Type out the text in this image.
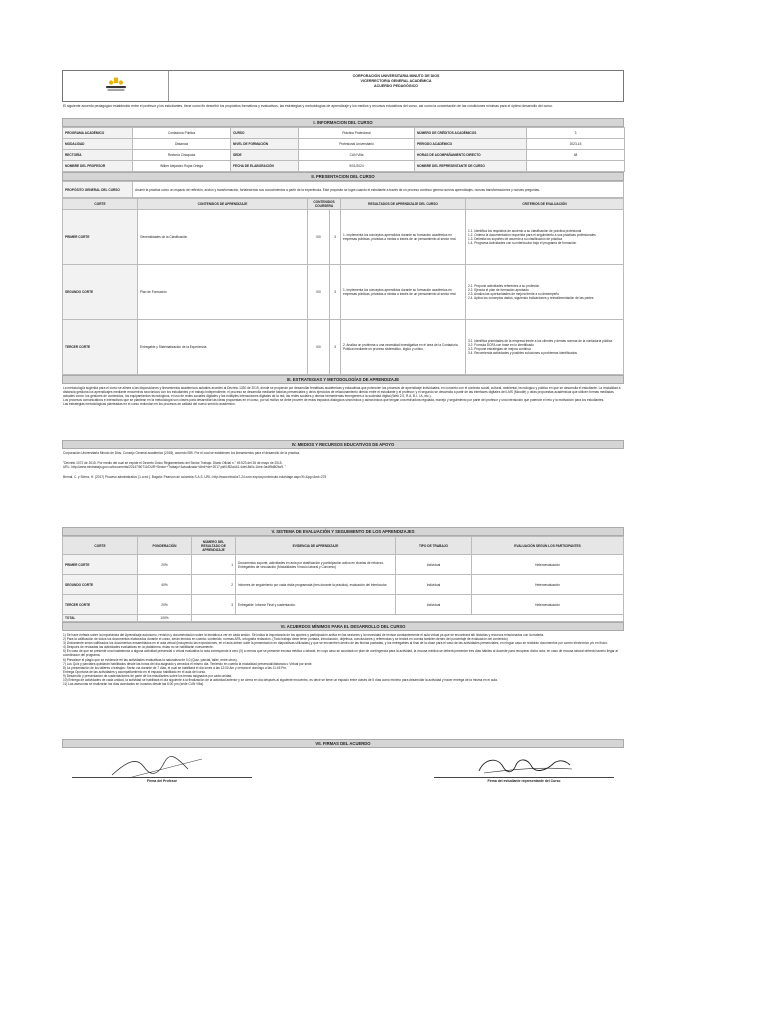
CORPORACIÓN UNIVERSITARIA MINUTO DE DIOS
VICERRECTORIA GENERAL ACADÉMICA
ACUERDO PEDAGÓGICO
El siguiente acuerdo pedagógico establecido entre el profesor y los estudiantes, tiene como fin describir los propósitos formativos y evaluativos, las estrategias y metodologías de aprendizaje y los medios y recursos educativos del curso, así como la concertación de las condiciones mínimas para el óptimo desarrollo del curso.
I. INFORMACION DEL CURSO
PROGRAMA ACADÉMICO	Contaduría Pública	CURSO	Práctica Profesional	NÚMERO DE CRÉDITOS ACADÉMICOS	3
MODALIDAD	Distancia	NIVEL DE FORMACIÓN	Profesional Universitario	PERIODO ACADÉMICO	2023-15
RECTORÍA	Rectoría Cinoquoia	SEDE	CUN Villa	HORAS DE ACOMPAÑAMIENTO DIRECTO	48
NOMBRE DEL PROFESOR	Wilber Alejandro Rojas Ortega	FECHA DE ELABORACIÓN	9/01/2024	NOMBRE DEL REPRESENTANTE DE CURSO	
II. PRESENTACION DEL CURSO
PROPÓSITO GENERAL DEL CURSO	Asumir la práctica como un espacio de reflexión, acción y transformación, fortaleciendo sus conocimientos a partir de la experiencia. Este propósito se logra cuando el estudiante a través de un proceso continuo genera nuevos aprendizajes, nuevas transformaciones y nuevas preguntas.
CORTE	CONTENIDOS DE APRENDIZAJE	CONTENIDOS COURSERA		RESULTADOS DE APRENDIZAJE DEL CURSO	CRITERIOS DE EVALUACIÓN
PRIMER CORTE	Generalidades de la Clasificación	0/0	3	1. Implementa los conceptos aprendidos durante su formación académica en empresas públicas, privadas a mixtas a través de un pensamiento al sector real.	1.1. Identifica los requisitos de acuerdo a su clasificación de práctica profesional
1.2. Ordena la documentación requerida para el seguimiento a sus prácticas profesionales
1.3. Delimita los soportes de acuerdo a su clasificación de práctica
1.4. Programa Actividades con su interlocutor bajo el programa de formación
SEGUNDO CORTE	Plan de Formación	0/0	3	1. Implementa los conceptos aprendidos durante su formación académica en empresas públicas, privadas a mixtas a través de un pensamiento al sector real.	2.1. Propone actividades referentes a su profesión
2.2. Ejecuta el plan de formación aprobado
2.3. Analiza las oportunidades de mejora frente a su desempeño
2.4. Aplica los conceptos dados, siguiendo indicaciones y retroalimentación de las partes
TERCER CORTE	Entregable y Sistematización de la Experiencia	0/0	3	2. Analiza un problema o una necesidad investigativa en el área de la Contaduría Pública mediante un proceso sistemático, lógico y crítico.	3.1. Identifica prioridades de la empresa frente a los clientes y demás normas de la contaduría pública
3.2. Formula DOFA con base en lo identificado
3.3. Propone estrategias de mejora continua
3.4. Recomienda actividades y posibles soluciones a problemas identificados
III. ESTRATEGIAS Y METODOLOGÍAS DE APRENDIZAJE
La metodología sugerida para el curso se alinea a las disposiciones y lineamientos académicos actuales acordes al Decreto 1330 de 2019, donde se propende por desarrollar temáticas académicas y educativas que potencien los procesos de aprendizaje individuales, en concreto con el contexto social, cultural, ambiental, tecnológico y político en que se desarrolla el estudiante. La modalidad a distancia gestiona los aprendizajes mediante encuentros sincrónicos con los estudiantes y el trabajo independiente, el proceso se desarrolla mediante tutorías presenciales y otros ejercicios de relacionamiento directo entre el estudiante y el profesor; y el segundo se desarrolla a partir de las interfaces digitales del LMS (Moodle) y otras propuestas académicas que utilicen formas mediadas actuales como: los gestores de contenidos, los equipamientos tecnológicos, el uso de redes sociales digitales y las múltiples interacciones digitales de la red; las redes sociales y demás herramientas emergentes a la sociedad digital (Web 2.0, R.A, B.I, I.A, etc.).
Los procesos comunicativos e interactivos que se plantean en la metodología son claves para desarrollar las ideas propuestas en el curso, por tal motivo se debe proveer de estos espacios dialógicos sincrónicos y asincrónicos que tengan una estructura regulada, manejo y seguimiento por parte del profesor y una interacción que potencie el reto y la motivación para los estudiantes.
Las estrategias metodológicas planteadas en el curso redundan en los procesos de calidad del nuevo servicio académico.
IV. MEDIOS Y RECURSOS EDUCATIVOS DE APOYO
Corporación Universitaria Minuto de Dios, Consejo General académico (2018), acuerdo 089. Por el cual se establecen los lineamientos para el desarrollo de la práctica.
"Decreto 1072 de 2015. Por medio del cual se expide el Decreto Único Reglamentario del Sector Trabajo. Diario Oficial n.° 49.523 del 26 de mayo de 2015.
URL: http://www.mintrabajo.gov.co/documents/20147/50711/DUR+Sector+Trabajo+Actualizado+Abril+de+2017.pdf/1f52a441-4def-8d0c-1bee-0a4f9d8f2bc9. "
Bernal, C. y Sierra, H. (2017) Proceso administrativo (1.a ed.). Bogotá: Pearson de colombia S.A.S. URL: http://www.ebooks7-24.com.ezproxy.uniminuto.edu/stage.aspx?il=&pg=&ed=275
V. SISTEMA DE EVALUACIÓN Y SEGUIMIENTO DE LOS APRENDIZAJES
CORTE	PONDERACIÓN	NÚMERO DEL RESULTADO DE APRENDIZAJE	EVIDENCIA DE APRENDIZAJE	TIPO DE TRABAJO	EVALUACIÓN SEGÚN LOS PARTICIPANTES
PRIMER CORTE	20%	1	Documentos soporte, actividades en aula por clasificación y participación activa en charlas de refuerzo. Entregables de vinculación (Modalidades Vínculo laboral y Convenio)	Individual	Heteroevaluación
SEGUNDO CORTE	40%	2	Informes de seguimiento por cada visita programada (tres durante la práctica). evaluación del interlocutor.	Individual	Heteroevaluación
TERCER CORTE	20%	3	Entregable: Informe Final y sustentación.	Individual	Heteroevaluación
TOTAL	100%				
VI. ACUERDOS MÍNIMOS PARA EL DESARROLLO DEL CURSO
1) Se hace énfasis sobre la importancia del Aprendizaje autónomo, revisión y documentación sobre la temática a ver en cada sesión. Se indica la importancia de los aportes y participación activa en las sesiones y la necesidad de revisar constantemente el aula virtual ya que se encontrará allí historias y recursos relacionados con la materia.
2) Para la calificación de todos los documentos elaborados durante el curso, serán tenidos en cuenta: contenido, normas APA, ortografía redacción. (Todo trabajo debe tener portada, introducción, objetivos, conclusiones y referencias y se tendrá en cuenta también dentro del porcentaje de evaluación del contenido)
3) Únicamente serán calificados los documentos ensamblados en el aula virtual (incluyendo las exposiciones, en el aula deben subir la presentación en diapositivas utilizadas) y que se encuentren dentro de las fechas pactadas, y los entregables al final de la clase para el caso de las actividades presenciales, en ningún caso se recibirán documentos por correo electrónico y/o en físico.
4) Después de revisadas las actividades evaluativas en la plataforma, éstas no se habilitarán nuevamente.
5) En caso de que se presente una inasistencia a alguna actividad presencial o virtual evaluativa la nota corresponde a cero (0) a menos que se presente excusa médica o laboral, en cuyo caso se acordará un plan de contingencia para la actividad, la excusa médica se deberá presentar tres días hábiles al docente para recuperar dicha nota, en caso de excusa laboral deberá hacerlo llegar al coordinador del programa.
6) Prevalece el plagio que se evidencie en las actividades evaluativas la naturaleza de 0,0 (Quiz, parcial, taller, entre otros).
7) Los Quiz y parciales quedarán habilitados desde las horas del día asignado y cerrados el mismo día. Teniendo en cuenta la modalidad presencial/distancia o Virtual por sede.
8) La presentación de los talleres o trabajos: Serán vía durante de 7 días, el cual se habilitará el día lunes a las 12:00 Am y cerrará el domingo a las 11:45 Pm.
Entrega Oportuna de las actividades y acompañamiento en el espacio habilitado en el aula del curso.
9) Desarrollo y presentación de sustentaciones de parte de los estudiantes sobre los temas asignados por cada unidad.
10) Entrega de actividades de cada unidad, la actividad se habilitará el día siguiente a la finalización de la actividad anterior y se cierra en día después al siguiente encuentro, es decir se tiene un espacio entre clases de 5 días como mínimo para desarrollar la actividad y hacer entrega de la misma en el aula.
11) Las asesorías se realizarán los días acordados en horarios desde las 6:00 pm (sede CUN Villa).
VII. FIRMAS DEL ACUERDO
Firma del Profesor	Firma del estudiante representante del Curso
